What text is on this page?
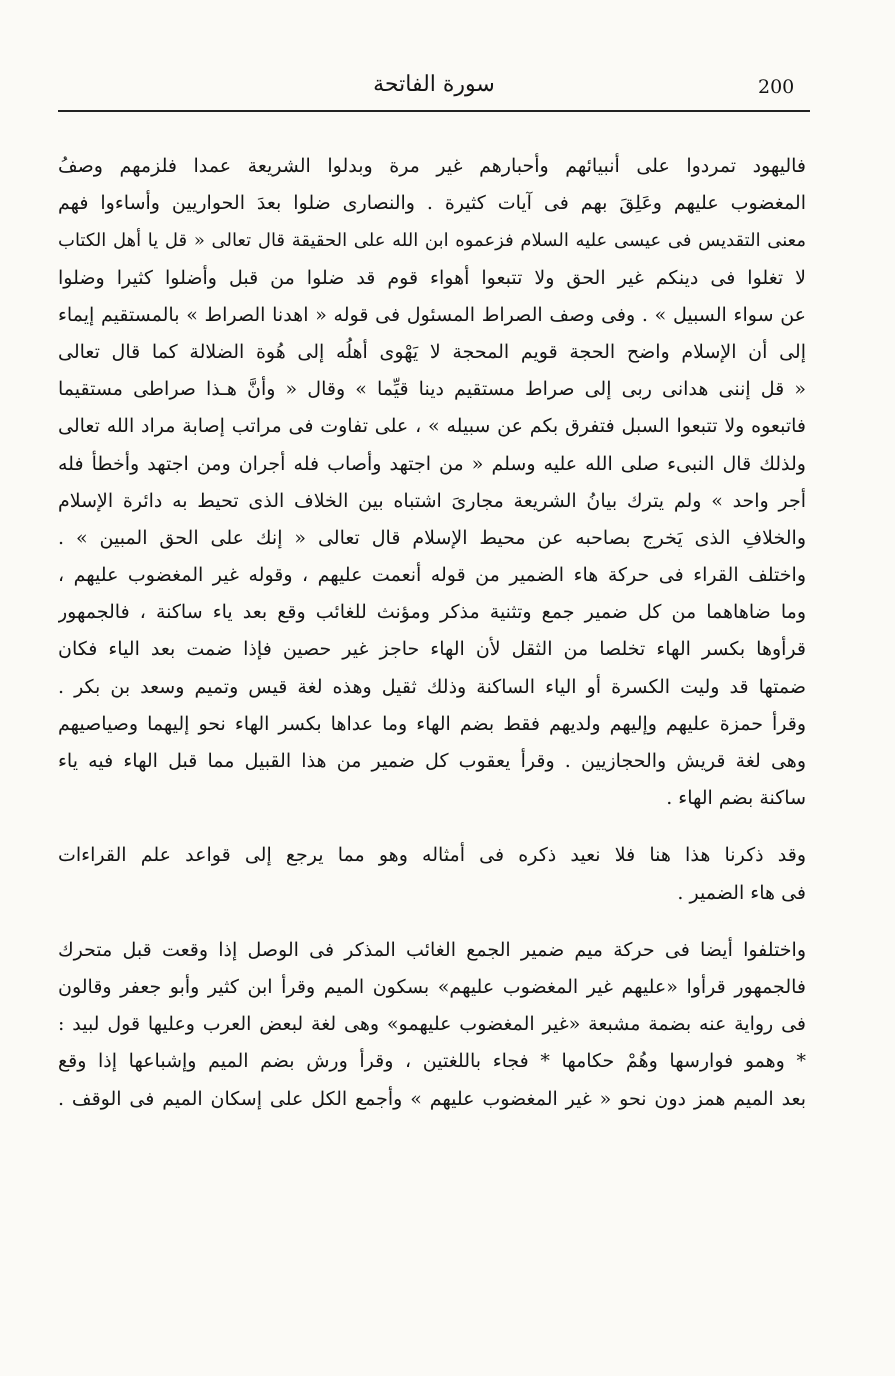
200
سورة الفاتحة

فاليهود تمردوا على أنبيائهم وأحبارهم غير مرة وبدلوا الشريعة عمدا فلزمهم وصفُ
المغضوب عليهم وعَلِقَ بهم فى آيات كثيرة . والنصارى ضلوا بعدَ الحواريين وأساءوا فهم
معنى التقديس فى عيسى عليه السلام فزعموه ابن الله على الحقيقة قال تعالى « قل يا أهل الكتاب
لا تغلوا فى دينكم غير الحق ولا تتبعوا أهواء قوم قد ضلوا من قبل وأضلوا كثيرا وضلوا
عن سواء السبيل » . وفى وصف الصراط المسئول فى قوله « اهدنا الصراط » بالمستقيم إيماء
إلى أن الإسلام واضح الحجة قويم المحجة لا يَهْوى أهلُه إلى هُوة الضلالة كما قال تعالى
« قل إننى هدانى ربى إلى صراط مستقيم دينا قيِّما » وقال « وأنَّ هـذا صراطى مستقيما
فاتبعوه ولا تتبعوا السبل فتفرق بكم عن سبيله » ، على تفاوت فى مراتب إصابة مراد الله تعالى
ولذلك قال النبىء صلى الله عليه وسلم « من اجتهد وأصاب فله أجران ومن اجتهد وأخطأ فله
أجر واحد » ولم يترك بيانُ الشريعة مجارىَ اشتباه بين الخلاف الذى تحيط به دائرة الإسلام
والخلافِ الذى يَخرج بصاحبه عن محيط الإسلام قال تعالى « إنك على الحق المبين » .
واختلف القراء فى حركة هاء الضمير من قوله أنعمت عليهم ، وقوله غير المغضوب عليهم ،
وما ضاهاهما من كل ضمير جمع وتثنية مذكر ومؤنث للغائب وقع بعد ياء ساكنة ، فالجمهور
قرأوها بكسر الهاء تخلصا من الثقل لأن الهاء حاجز غير حصين فإذا ضمت بعد الياء فكان
ضمتها قد وليت الكسرة أو الياء الساكنة وذلك ثقيل وهذه لغة قيس وتميم وسعد بن بكر .
وقرأ حمزة عليهم وإليهم ولديهم فقط بضم الهاء وما عداها بكسر الهاء نحو إليهما وصياصيهم
وهى لغة قريش والحجازيين . وقرأ يعقوب كل ضمير من هذا القبيل مما قبل الهاء فيه ياء
ساكنة بضم الهاء .

وقد ذكرنا هذا هنا فلا نعيد ذكره فى أمثاله وهو مما يرجع إلى قواعد علم القراءات
فى هاء الضمير .

واختلفوا أيضا فى حركة ميم ضمير الجمع الغائب المذكر فى الوصل إذا وقعت قبل متحرك
فالجمهور قرأوا «عليهم غير المغضوب عليهم» بسكون الميم وقرأ ابن كثير وأبو جعفر وقالون
فى رواية عنه بضمة مشبعة «غير المغضوب عليهمو» وهى لغة لبعض العرب وعليها قول لبيد :
* وهمو فوارسها وهُمْ حكامها * فجاء باللغتين ، وقرأ ورش بضم الميم وإشباعها إذا وقع
بعد الميم همز دون نحو « غير المغضوب عليهم » وأجمع الكل على إسكان الميم فى الوقف .
